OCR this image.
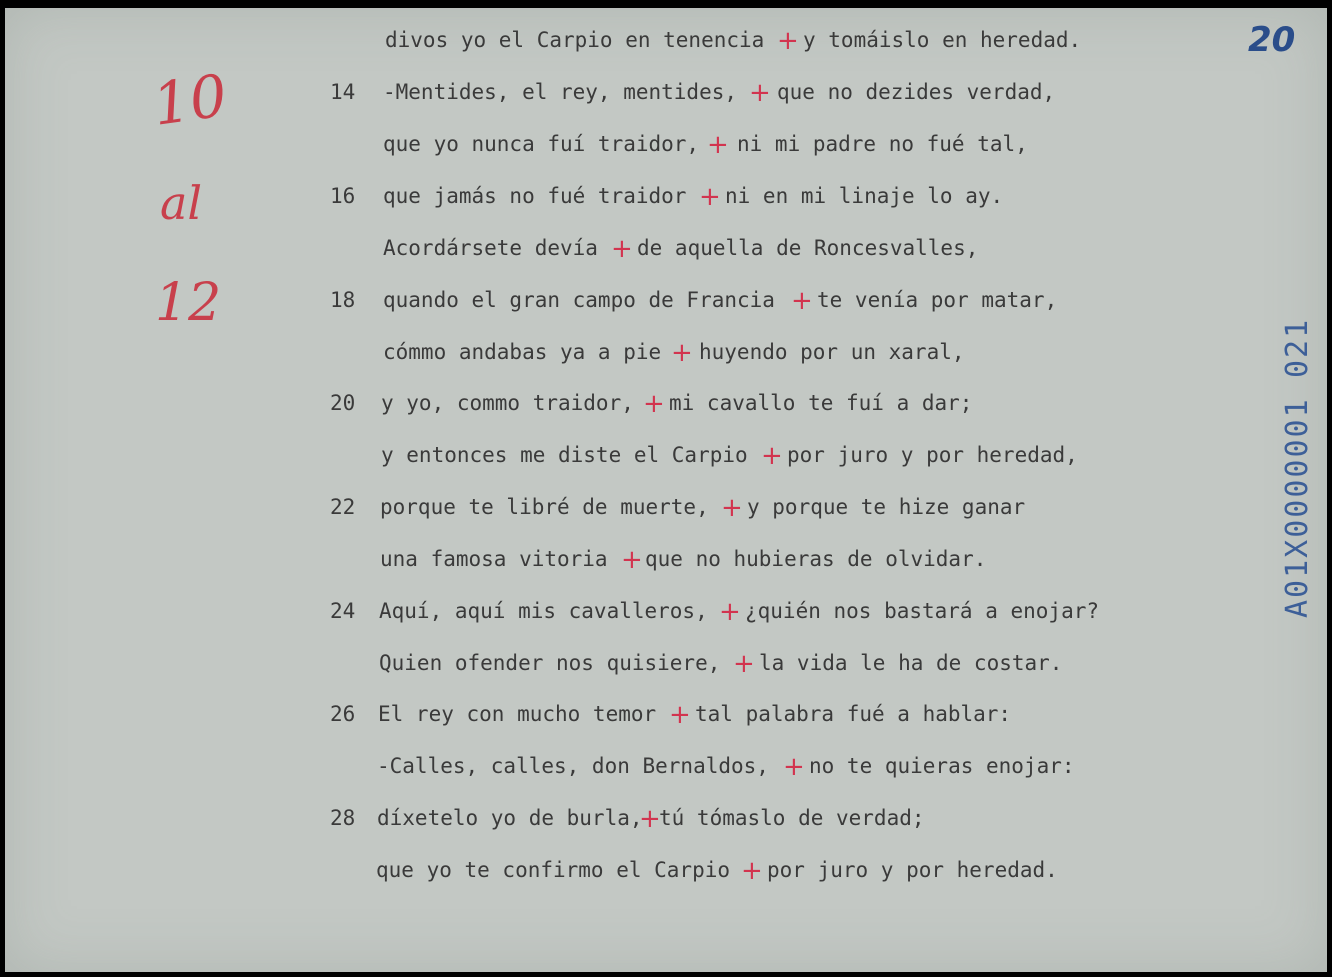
20
10
al
12
A01X0000001
021
divos yo el Carpio en tenencia + y tomáislo en heredad.
14 -Mentides, el rey, mentides, + que no dezides verdad,
que yo nunca fuí traidor, + ni mi padre no fué tal,
16 que jamás no fué traidor + ni en mi linaje lo ay.
Acordársete devía + de aquella de Roncesvalles,
18 quando el gran campo de Francia + te venía por matar,
cómmo andabas ya a pie + huyendo por un xaral,
20 y yo, commo traidor, + mi cavallo te fuí a dar;
y entonces me diste el Carpio + por juro y por heredad,
22 porque te libré de muerte, + y porque te hize ganar
una famosa vitoria + que no hubieras de olvidar.
24 Aquí, aquí mis cavalleros, + ¿quién nos bastará a enojar?
Quien ofender nos quisiere, + la vida le ha de costar.
26 El rey con mucho temor + tal palabra fué a hablar:
-Calles, calles, don Bernaldos, + no te quieras enojar:
28 díxetelo yo de burla,
+
tú tómaslo de verdad;
que yo te confirmo el Carpio + por juro y por heredad.
